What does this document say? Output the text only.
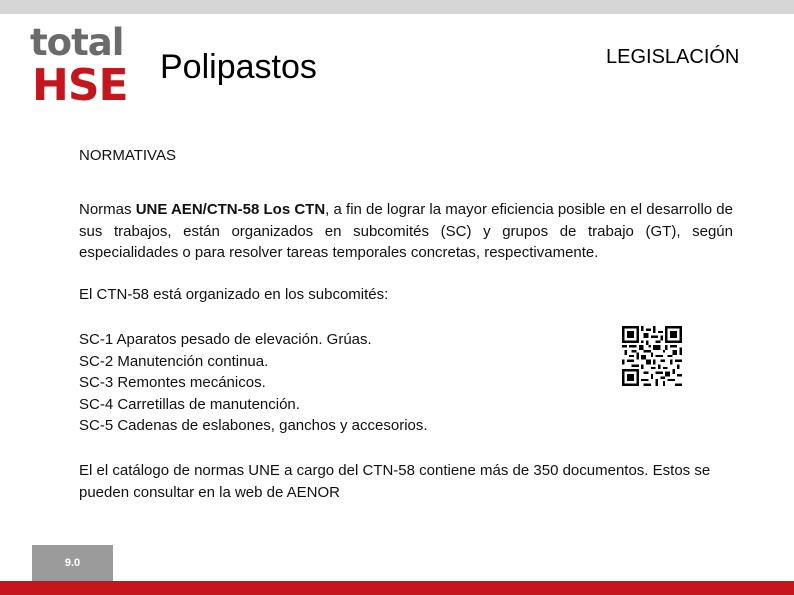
total
HSE Polipastos	LEGISLACIÓN
NORMATIVAS

Normas UNE AEN/CTN-58 Los CTN, a fin de lograr la mayor eficiencia posible en el desarrollo de sus trabajos, están organizados en subcomités (SC) y grupos de trabajo (GT), según especialidades o para resolver tareas temporales concretas, respectivamente.

El CTN-58 está organizado en los subcomités:
SC-1 Aparatos pesado de elevación. Grúas.
SC-2 Manutención continua.
SC-3 Remontes mecánicos.
SC-4 Carretillas de manutención.
SC-5 Cadenas de eslabones, ganchos y accesorios.
El el catálogo de normas UNE a cargo del CTN-58 contiene más de 350 documentos. Estos se pueden consultar en la web de AENOR
9.0
